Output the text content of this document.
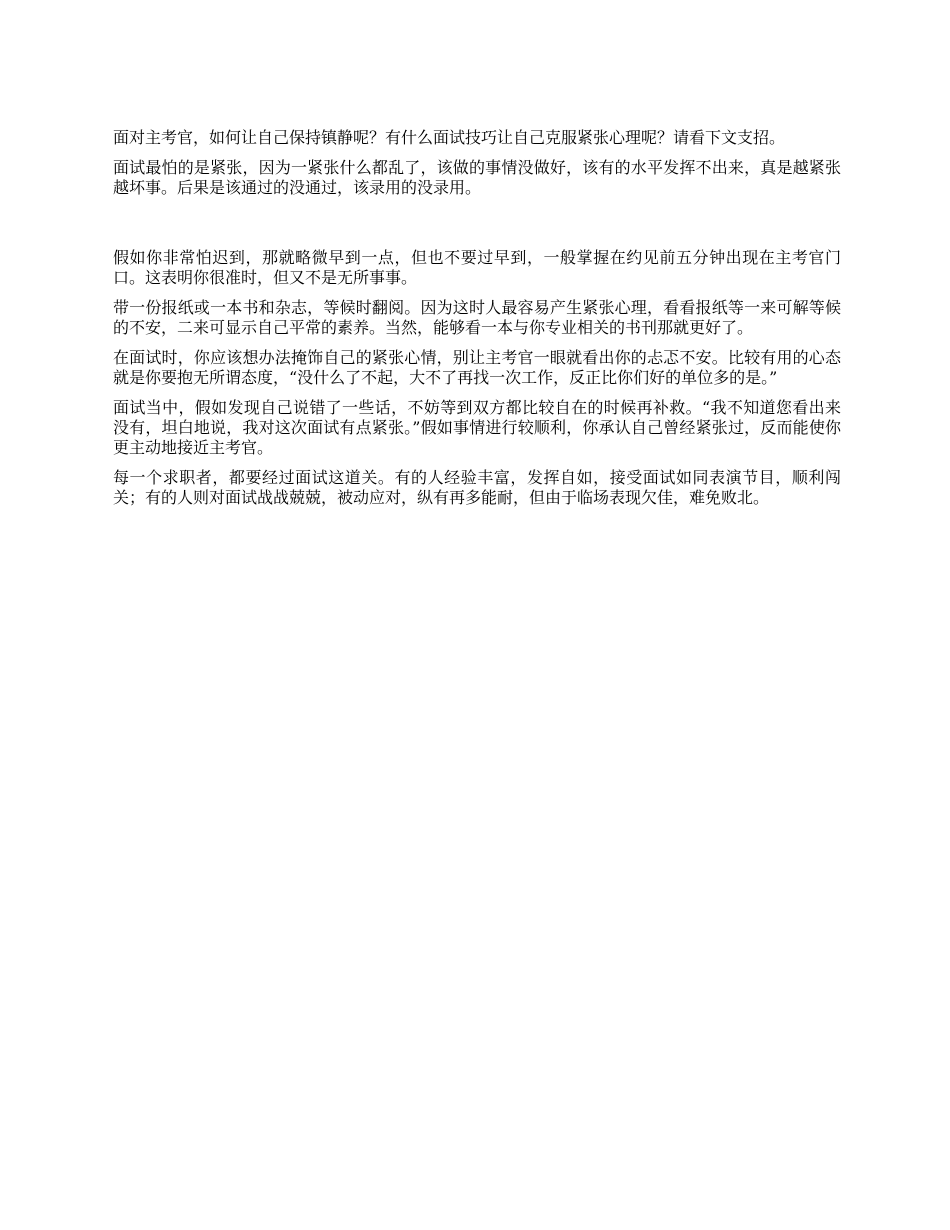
面对主考官，如何让自己保持镇静呢？有什么面试技巧让自己克服紧张心理呢？请看下文支招。

面试最怕的是紧张，因为一紧张什么都乱了，该做的事情没做好，该有的水平发挥不出来，真是越紧张越坏事。后果是该通过的没通过，该录用的没录用。

假如你非常怕迟到，那就略微早到一点，但也不要过早到，一般掌握在约见前五分钟出现在主考官门口。这表明你很准时，但又不是无所事事。

带一份报纸或一本书和杂志，等候时翻阅。因为这时人最容易产生紧张心理，看看报纸等一来可解等候的不安，二来可显示自己平常的素养。当然，能够看一本与你专业相关的书刊那就更好了。

在面试时，你应该想办法掩饰自己的紧张心情，别让主考官一眼就看出你的忐忑不安。比较有用的心态就是你要抱无所谓态度，“没什么了不起，大不了再找一次工作，反正比你们好的单位多的是。”

面试当中，假如发现自己说错了一些话，不妨等到双方都比较自在的时候再补救。“我不知道您看出来没有，坦白地说，我对这次面试有点紧张。”假如事情进行较顺利，你承认自己曾经紧张过，反而能使你更主动地接近主考官。

每一个求职者，都要经过面试这道关。有的人经验丰富，发挥自如，接受面试如同表演节目，顺利闯关；有的人则对面试战战兢兢，被动应对，纵有再多能耐，但由于临场表现欠佳，难免败北。
